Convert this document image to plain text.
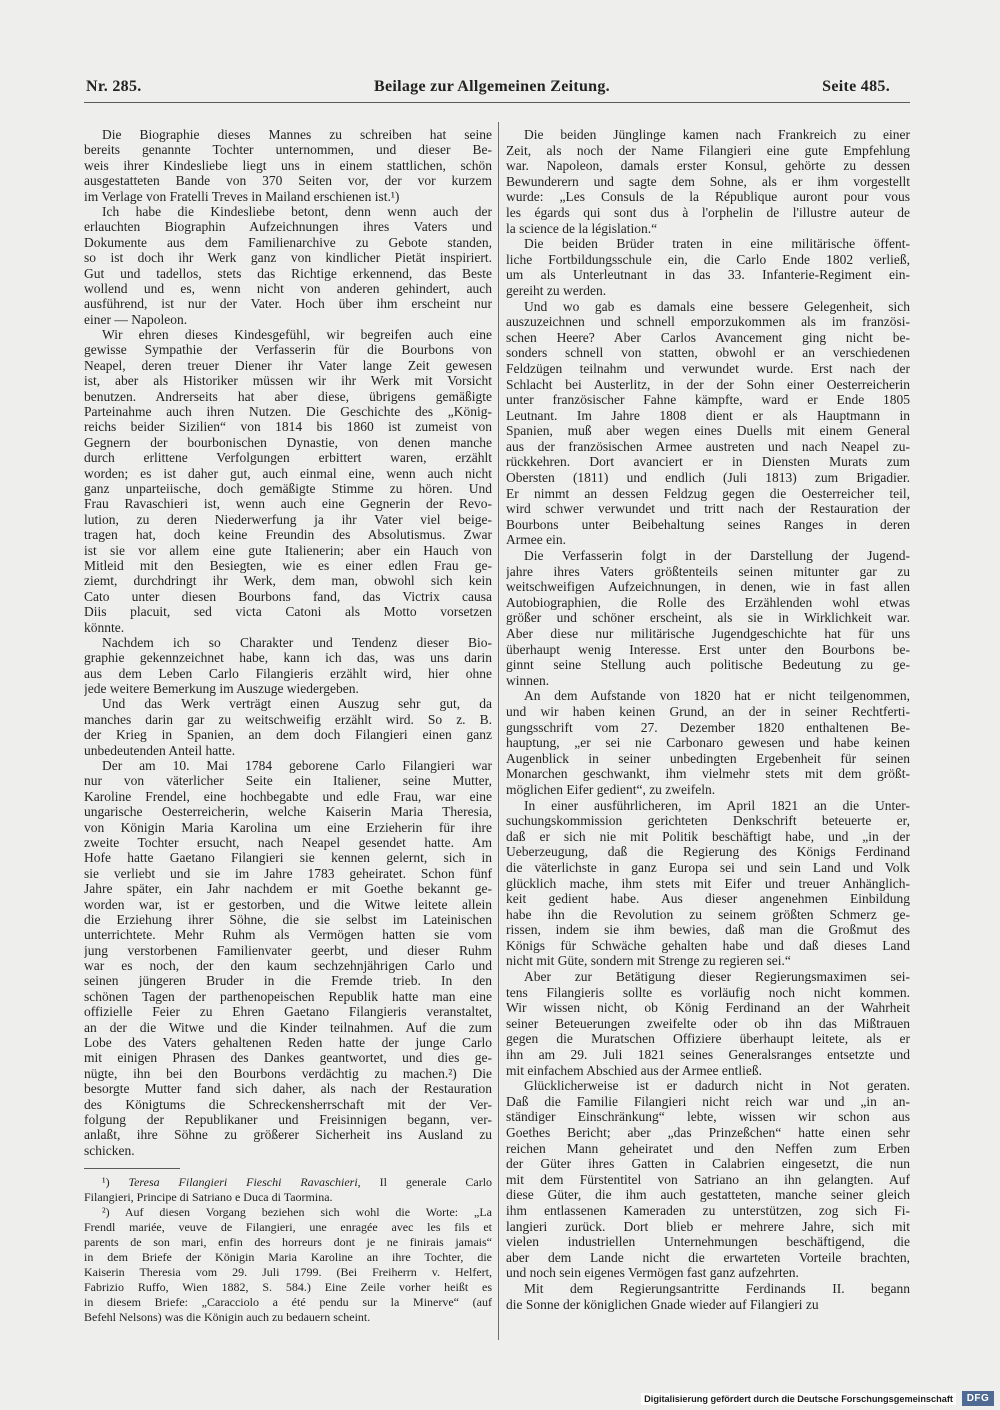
Nr. 285.	Beilage zur Allgemeinen Zeitung.	Seite 485.
Die Biographie dieses Mannes zu schreiben hat seine
bereits genannte Tochter unternommen, und dieser Be-
weis ihrer Kindesliebe liegt uns in einem stattlichen, schön
ausgestatteten Bande von 370 Seiten vor, der vor kurzem
im Verlage von Fratelli Treves in Mailand erschienen ist.¹)
Ich habe die Kindesliebe betont, denn wenn auch der
erlauchten Biographin Aufzeichnungen ihres Vaters und
Dokumente aus dem Familienarchive zu Gebote standen,
so ist doch ihr Werk ganz von kindlicher Pietät inspiriert.
Gut und tadellos, stets das Richtige erkennend, das Beste
wollend und es, wenn nicht von anderen gehindert, auch
ausführend, ist nur der Vater. Hoch über ihm erscheint nur
einer — Napoleon.
Wir ehren dieses Kindesgefühl, wir begreifen auch eine
gewisse Sympathie der Verfasserin für die Bourbons von
Neapel, deren treuer Diener ihr Vater lange Zeit gewesen
ist, aber als Historiker müssen wir ihr Werk mit Vorsicht
benutzen. Andrerseits hat aber diese, übrigens gemäßigte
Parteinahme auch ihren Nutzen. Die Geschichte des „König-
reichs beider Sizilien“ von 1814 bis 1860 ist zumeist von
Gegnern der bourbonischen Dynastie, von denen manche
durch erlittene Verfolgungen erbittert waren, erzählt
worden; es ist daher gut, auch einmal eine, wenn auch nicht
ganz unparteiische, doch gemäßigte Stimme zu hören. Und
Frau Ravaschieri ist, wenn auch eine Gegnerin der Revo-
lution, zu deren Niederwerfung ja ihr Vater viel beige-
tragen hat, doch keine Freundin des Absolutismus. Zwar
ist sie vor allem eine gute Italienerin; aber ein Hauch von
Mitleid mit den Besiegten, wie es einer edlen Frau ge-
ziemt, durchdringt ihr Werk, dem man, obwohl sich kein
Cato unter diesen Bourbons fand, das Victrix causa
Diis placuit, sed victa Catoni als Motto vorsetzen
könnte.
Nachdem ich so Charakter und Tendenz dieser Bio-
graphie gekennzeichnet habe, kann ich das, was uns darin
aus dem Leben Carlo Filangieris erzählt wird, hier ohne
jede weitere Bemerkung im Auszuge wiedergeben.
Und das Werk verträgt einen Auszug sehr gut, da
manches darin gar zu weitschweifig erzählt wird. So z. B.
der Krieg in Spanien, an dem doch Filangieri einen ganz
unbedeutenden Anteil hatte.
Der am 10. Mai 1784 geborene Carlo Filangieri war
nur von väterlicher Seite ein Italiener, seine Mutter,
Karoline Frendel, eine hochbegabte und edle Frau, war eine
ungarische Oesterreicherin, welche Kaiserin Maria Theresia,
von Königin Maria Karolina um eine Erzieherin für ihre
zweite Tochter ersucht, nach Neapel gesendet hatte. Am
Hofe hatte Gaetano Filangieri sie kennen gelernt, sich in
sie verliebt und sie im Jahre 1783 geheiratet. Schon fünf
Jahre später, ein Jahr nachdem er mit Goethe bekannt ge-
worden war, ist er gestorben, und die Witwe leitete allein
die Erziehung ihrer Söhne, die sie selbst im Lateinischen
unterrichtete. Mehr Ruhm als Vermögen hatten sie vom
jung verstorbenen Familienvater geerbt, und dieser Ruhm
war es noch, der den kaum sechzehnjährigen Carlo und
seinen jüngeren Bruder in die Fremde trieb. In den
schönen Tagen der parthenopeischen Republik hatte man eine
offizielle Feier zu Ehren Gaetano Filangieris veranstaltet,
an der die Witwe und die Kinder teilnahmen. Auf die zum
Lobe des Vaters gehaltenen Reden hatte der junge Carlo
mit einigen Phrasen des Dankes geantwortet, und dies ge-
nügte, ihn bei den Bourbons verdächtig zu machen.²) Die
besorgte Mutter fand sich daher, als nach der Restauration
des Königtums die Schreckensherrschaft mit der Ver-
folgung der Republikaner und Freisinnigen begann, ver-
anlaßt, ihre Söhne zu größerer Sicherheit ins Ausland zu
schicken.
¹) Teresa Filangieri Fieschi Ravaschieri, Il generale Carlo
Filangieri, Principe di Satriano e Duca di Taormina.
²) Auf diesen Vorgang beziehen sich wohl die Worte: „La
Frendl mariée, veuve de Filangieri, une enragée avec les fils et
parents de son mari, enfin des horreurs dont je ne finirais jamais“
in dem Briefe der Königin Maria Karoline an ihre Tochter, die
Kaiserin Theresia vom 29. Juli 1799. (Bei Freiherrn v. Helfert,
Fabrizio Ruffo, Wien 1882, S. 584.) Eine Zeile vorher heißt es
in diesem Briefe: „Caracciolo a été pendu sur la Minerve“ (auf
Befehl Nelsons) was die Königin auch zu bedauern scheint.
Die beiden Jünglinge kamen nach Frankreich zu einer
Zeit, als noch der Name Filangieri eine gute Empfehlung
war. Napoleon, damals erster Konsul, gehörte zu dessen
Bewunderern und sagte dem Sohne, als er ihm vorgestellt
wurde: „Les Consuls de la République auront pour vous
les égards qui sont dus à l'orphelin de l'illustre auteur de
la science de la législation.“
Die beiden Brüder traten in eine militärische öffent-
liche Fortbildungsschule ein, die Carlo Ende 1802 verließ,
um als Unterleutnant in das 33. Infanterie-Regiment ein-
gereiht zu werden.
Und wo gab es damals eine bessere Gelegenheit, sich
auszuzeichnen und schnell emporzukommen als im französi-
schen Heere? Aber Carlos Avancement ging nicht be-
sonders schnell von statten, obwohl er an verschiedenen
Feldzügen teilnahm und verwundet wurde. Erst nach der
Schlacht bei Austerlitz, in der der Sohn einer Oesterreicherin
unter französischer Fahne kämpfte, ward er Ende 1805
Leutnant. Im Jahre 1808 dient er als Hauptmann in
Spanien, muß aber wegen eines Duells mit einem General
aus der französischen Armee austreten und nach Neapel zu-
rückkehren. Dort avanciert er in Diensten Murats zum
Obersten (1811) und endlich (Juli 1813) zum Brigadier.
Er nimmt an dessen Feldzug gegen die Oesterreicher teil,
wird schwer verwundet und tritt nach der Restauration der
Bourbons unter Beibehaltung seines Ranges in deren
Armee ein.
Die Verfasserin folgt in der Darstellung der Jugend-
jahre ihres Vaters größtenteils seinen mitunter gar zu
weitschweifigen Aufzeichnungen, in denen, wie in fast allen
Autobiographien, die Rolle des Erzählenden wohl etwas
größer und schöner erscheint, als sie in Wirklichkeit war.
Aber diese nur militärische Jugendgeschichte hat für uns
überhaupt wenig Interesse. Erst unter den Bourbons be-
ginnt seine Stellung auch politische Bedeutung zu ge-
winnen.
An dem Aufstande von 1820 hat er nicht teilgenommen,
und wir haben keinen Grund, an der in seiner Rechtferti-
gungsschrift vom 27. Dezember 1820 enthaltenen Be-
hauptung, „er sei nie Carbonaro gewesen und habe keinen
Augenblick in seiner unbedingten Ergebenheit für seinen
Monarchen geschwankt, ihm vielmehr stets mit dem größt-
möglichen Eifer gedient“, zu zweifeln.
In einer ausführlicheren, im April 1821 an die Unter-
suchungskommission gerichteten Denkschrift beteuerte er,
daß er sich nie mit Politik beschäftigt habe, und „in der
Ueberzeugung, daß die Regierung des Königs Ferdinand
die väterlichste in ganz Europa sei und sein Land und Volk
glücklich mache, ihm stets mit Eifer und treuer Anhänglich-
keit gedient habe. Aus dieser angenehmen Einbildung
habe ihn die Revolution zu seinem größten Schmerz ge-
rissen, indem sie ihm bewies, daß man die Großmut des
Königs für Schwäche gehalten habe und daß dieses Land
nicht mit Güte, sondern mit Strenge zu regieren sei.“
Aber zur Betätigung dieser Regierungsmaximen sei-
tens Filangieris sollte es vorläufig noch nicht kommen.
Wir wissen nicht, ob König Ferdinand an der Wahrheit
seiner Beteuerungen zweifelte oder ob ihn das Mißtrauen
gegen die Muratschen Offiziere überhaupt leitete, als er
ihn am 29. Juli 1821 seines Generalsranges entsetzte und
mit einfachem Abschied aus der Armee entließ.
Glücklicherweise ist er dadurch nicht in Not geraten.
Daß die Familie Filangieri nicht reich war und „in an-
ständiger Einschränkung“ lebte, wissen wir schon aus
Goethes Bericht; aber „das Prinzeßchen“ hatte einen sehr
reichen Mann geheiratet und den Neffen zum Erben
der Güter ihres Gatten in Calabrien eingesetzt, die nun
mit dem Fürstentitel von Satriano an ihn gelangten. Auf
diese Güter, die ihm auch gestatteten, manche seiner gleich
ihm entlassenen Kameraden zu unterstützen, zog sich Fi-
langieri zurück. Dort blieb er mehrere Jahre, sich mit
vielen industriellen Unternehmungen beschäftigend, die
aber dem Lande nicht die erwarteten Vorteile brachten,
und noch sein eigenes Vermögen fast ganz aufzehrten.
Mit dem Regierungsantritte Ferdinands II. begann
die Sonne der königlichen Gnade wieder auf Filangieri zu
Digitalisierung gefördert durch die Deutsche Forschungsgemeinschaft	DFG
